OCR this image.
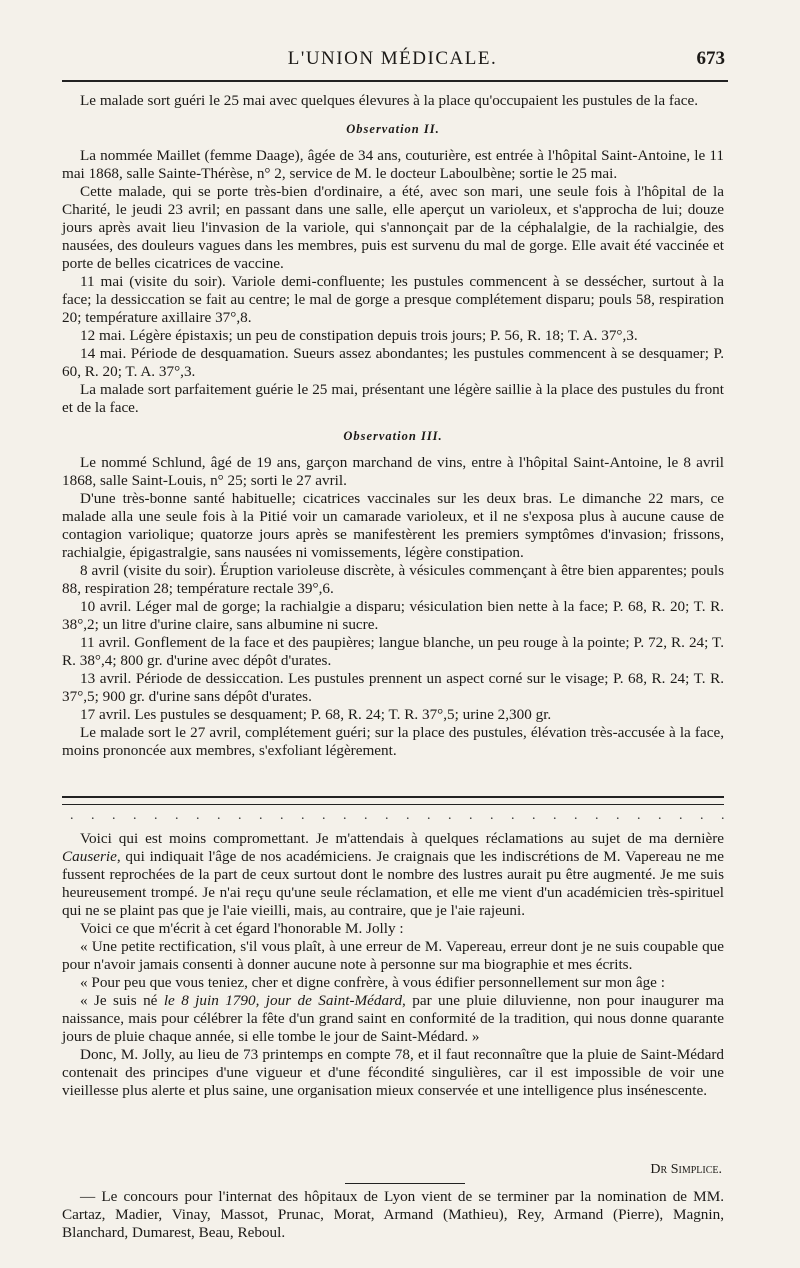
L'UNION MÉDICALE.	673

Le malade sort guéri le 25 mai avec quelques élevures à la place qu'occupaient les pustules de la face.

Observation II.

La nommée Maillet (femme Daage), âgée de 34 ans, couturière, est entrée à l'hôpital Saint-Antoine, le 11 mai 1868, salle Sainte-Thérèse, n° 2, service de M. le docteur Laboulbène; sortie le 25 mai.

Cette malade, qui se porte très-bien d'ordinaire, a été, avec son mari, une seule fois à l'hôpital de la Charité, le jeudi 23 avril; en passant dans une salle, elle aperçut un varioleux, et s'approcha de lui; douze jours après avait lieu l'invasion de la variole, qui s'annonçait par de la céphalalgie, de la rachialgie, des nausées, des douleurs vagues dans les membres, puis est survenu du mal de gorge. Elle avait été vaccinée et porte de belles cicatrices de vaccine.

11 mai (visite du soir). Variole demi-confluente; les pustules commencent à se dessécher, surtout à la face; la dessiccation se fait au centre; le mal de gorge a presque complétement disparu; pouls 58, respiration 20; température axillaire 37°,8.

12 mai. Légère épistaxis; un peu de constipation depuis trois jours; P. 56, R. 18; T. A. 37°,3.

14 mai. Période de desquamation. Sueurs assez abondantes; les pustules commencent à se desquamer; P. 60, R. 20; T. A. 37°,3.

La malade sort parfaitement guérie le 25 mai, présentant une légère saillie à la place des pustules du front et de la face.

Observation III.

Le nommé Schlund, âgé de 19 ans, garçon marchand de vins, entre à l'hôpital Saint-Antoine, le 8 avril 1868, salle Saint-Louis, n° 25; sorti le 27 avril.

D'une très-bonne santé habituelle; cicatrices vaccinales sur les deux bras. Le dimanche 22 mars, ce malade alla une seule fois à la Pitié voir un camarade varioleux, et il ne s'exposa plus à aucune cause de contagion variolique; quatorze jours après se manifestèrent les premiers symptômes d'invasion; frissons, rachialgie, épigastralgie, sans nausées ni vomissements, légère constipation.

8 avril (visite du soir). Éruption varioleuse discrète, à vésicules commençant à être bien apparentes; pouls 88, respiration 28; température rectale 39°,6.

10 avril. Léger mal de gorge; la rachialgie a disparu; vésiculation bien nette à la face; P. 68, R. 20; T. R. 38°,2; un litre d'urine claire, sans albumine ni sucre.

11 avril. Gonflement de la face et des paupières; langue blanche, un peu rouge à la pointe; P. 72, R. 24; T. R. 38°,4; 800 gr. d'urine avec dépôt d'urates.

13 avril. Période de dessiccation. Les pustules prennent un aspect corné sur le visage; P. 68, R. 24; T. R. 37°,5; 900 gr. d'urine sans dépôt d'urates.

17 avril. Les pustules se desquament; P. 68, R. 24; T. R. 37°,5; urine 2,300 gr.

Le malade sort le 27 avril, complétement guéri; sur la place des pustules, élévation très-accusée à la face, moins prononcée aux membres, s'exfoliant légèrement.

. . . . . . . . . . . . . . . . . . . . . . . . . . . . . . . .

Voici qui est moins compromettant. Je m'attendais à quelques réclamations au sujet de ma dernière Causerie, qui indiquait l'âge de nos académiciens. Je craignais que les indiscrétions de M. Vapereau ne me fussent reprochées de la part de ceux surtout dont le nombre des lustres aurait pu être augmenté. Je me suis heureusement trompé. Je n'ai reçu qu'une seule réclamation, et elle me vient d'un académicien très-spirituel qui ne se plaint pas que je l'aie vieilli, mais, au contraire, que je l'aie rajeuni.

Voici ce que m'écrit à cet égard l'honorable M. Jolly :

« Une petite rectification, s'il vous plaît, à une erreur de M. Vapereau, erreur dont je ne suis coupable que pour n'avoir jamais consenti à donner aucune note à personne sur ma biographie et mes écrits.

« Pour peu que vous teniez, cher et digne confrère, à vous édifier personnellement sur mon âge :

« Je suis né le 8 juin 1790, jour de Saint-Médard, par une pluie diluvienne, non pour inaugurer ma naissance, mais pour célébrer la fête d'un grand saint en conformité de la tradition, qui nous donne quarante jours de pluie chaque année, si elle tombe le jour de Saint-Médard. »

Donc, M. Jolly, au lieu de 73 printemps en compte 78, et il faut reconnaître que la pluie de Saint-Médard contenait des principes d'une vigueur et d'une fécondité singulières, car il est impossible de voir une vieillesse plus alerte et plus saine, une organisation mieux conservée et une intelligence plus insénescente.

Dr Simplice.

— Le concours pour l'internat des hôpitaux de Lyon vient de se terminer par la nomination de MM. Cartaz, Madier, Vinay, Massot, Prunac, Morat, Armand (Mathieu), Rey, Armand (Pierre), Magnin, Blanchard, Dumarest, Beau, Reboul.
